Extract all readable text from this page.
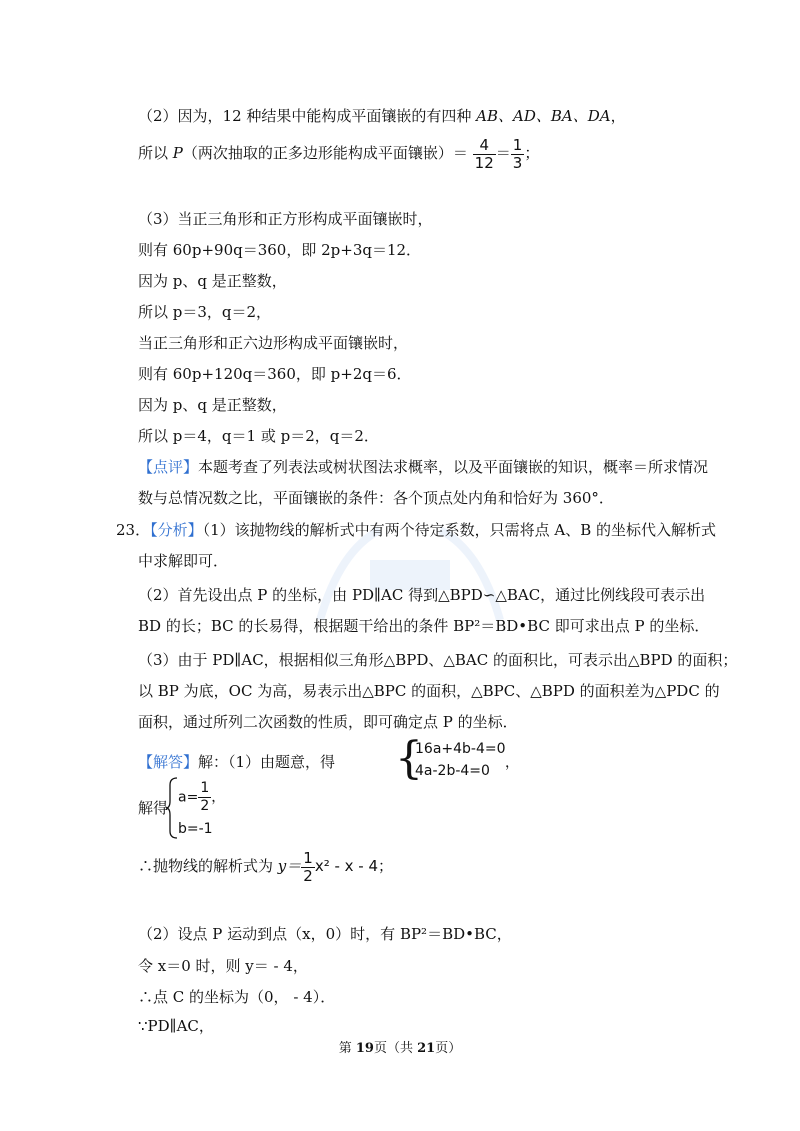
（2）因为，12 种结果中能构成平面镶嵌的有四种 AB、AD、BA、DA，
所以 P（两次抽取的正多边形能构成平面镶嵌）＝ $\frac{4}{12} = \frac{1}{3}$ ；
（3）当正三角形和正方形构成平面镶嵌时，
则有 60p+90q＝360，即 2p+3q＝12．
因为 p、q 是正整数，
所以 p＝3，q＝2，
当正三角形和正六边形构成平面镶嵌时，
则有 60p+120q＝360，即 p+2q＝6．
因为 p、q 是正整数，
所以 p＝4，q＝1 或 p＝2，q＝2．
【点评】本题考查了列表法或树状图法求概率，以及平面镶嵌的知识，概率＝所求情况
数与总情况数之比，平面镶嵌的条件：各个顶点处内角和恰好为 360°．
23．【分析】（1）该抛物线的解析式中有两个待定系数，只需将点 A、B 的坐标代入解析式
中求解即可．
（2）首先设出点 P 的坐标，由 PD∥AC 得到△BPD∽△BAC，通过比例线段可表示出
BD 的长；BC 的长易得，根据题干给出的条件 BP²＝BD•BC 即可求出点 P 的坐标．
（3）由于 PD∥AC，根据相似三角形△BPD、△BAC 的面积比，可表示出△BPD 的面积；
以 BP 为底，OC 为高，易表示出△BPC 的面积，△BPC、△BPD 的面积差为△PDC 的
面积，通过所列二次函数的性质，即可确定点 P 的坐标．
【解答】解：（1）由题意，得 {
16a+4b-4=0
4a-2b-4=0 ，
解得
$a= \frac{1}{2}$ ，
b=-1
∴抛物线的解析式为 $y= \frac{1}{2} x^2 - x - 4$；
（2）设点 P 运动到点（x，0）时，有 BP²＝BD•BC，
令 x＝0 时，则 y＝ - 4，
∴点 C 的坐标为（0， - 4）．
∵PD∥AC，
第 19页（共 21页）
